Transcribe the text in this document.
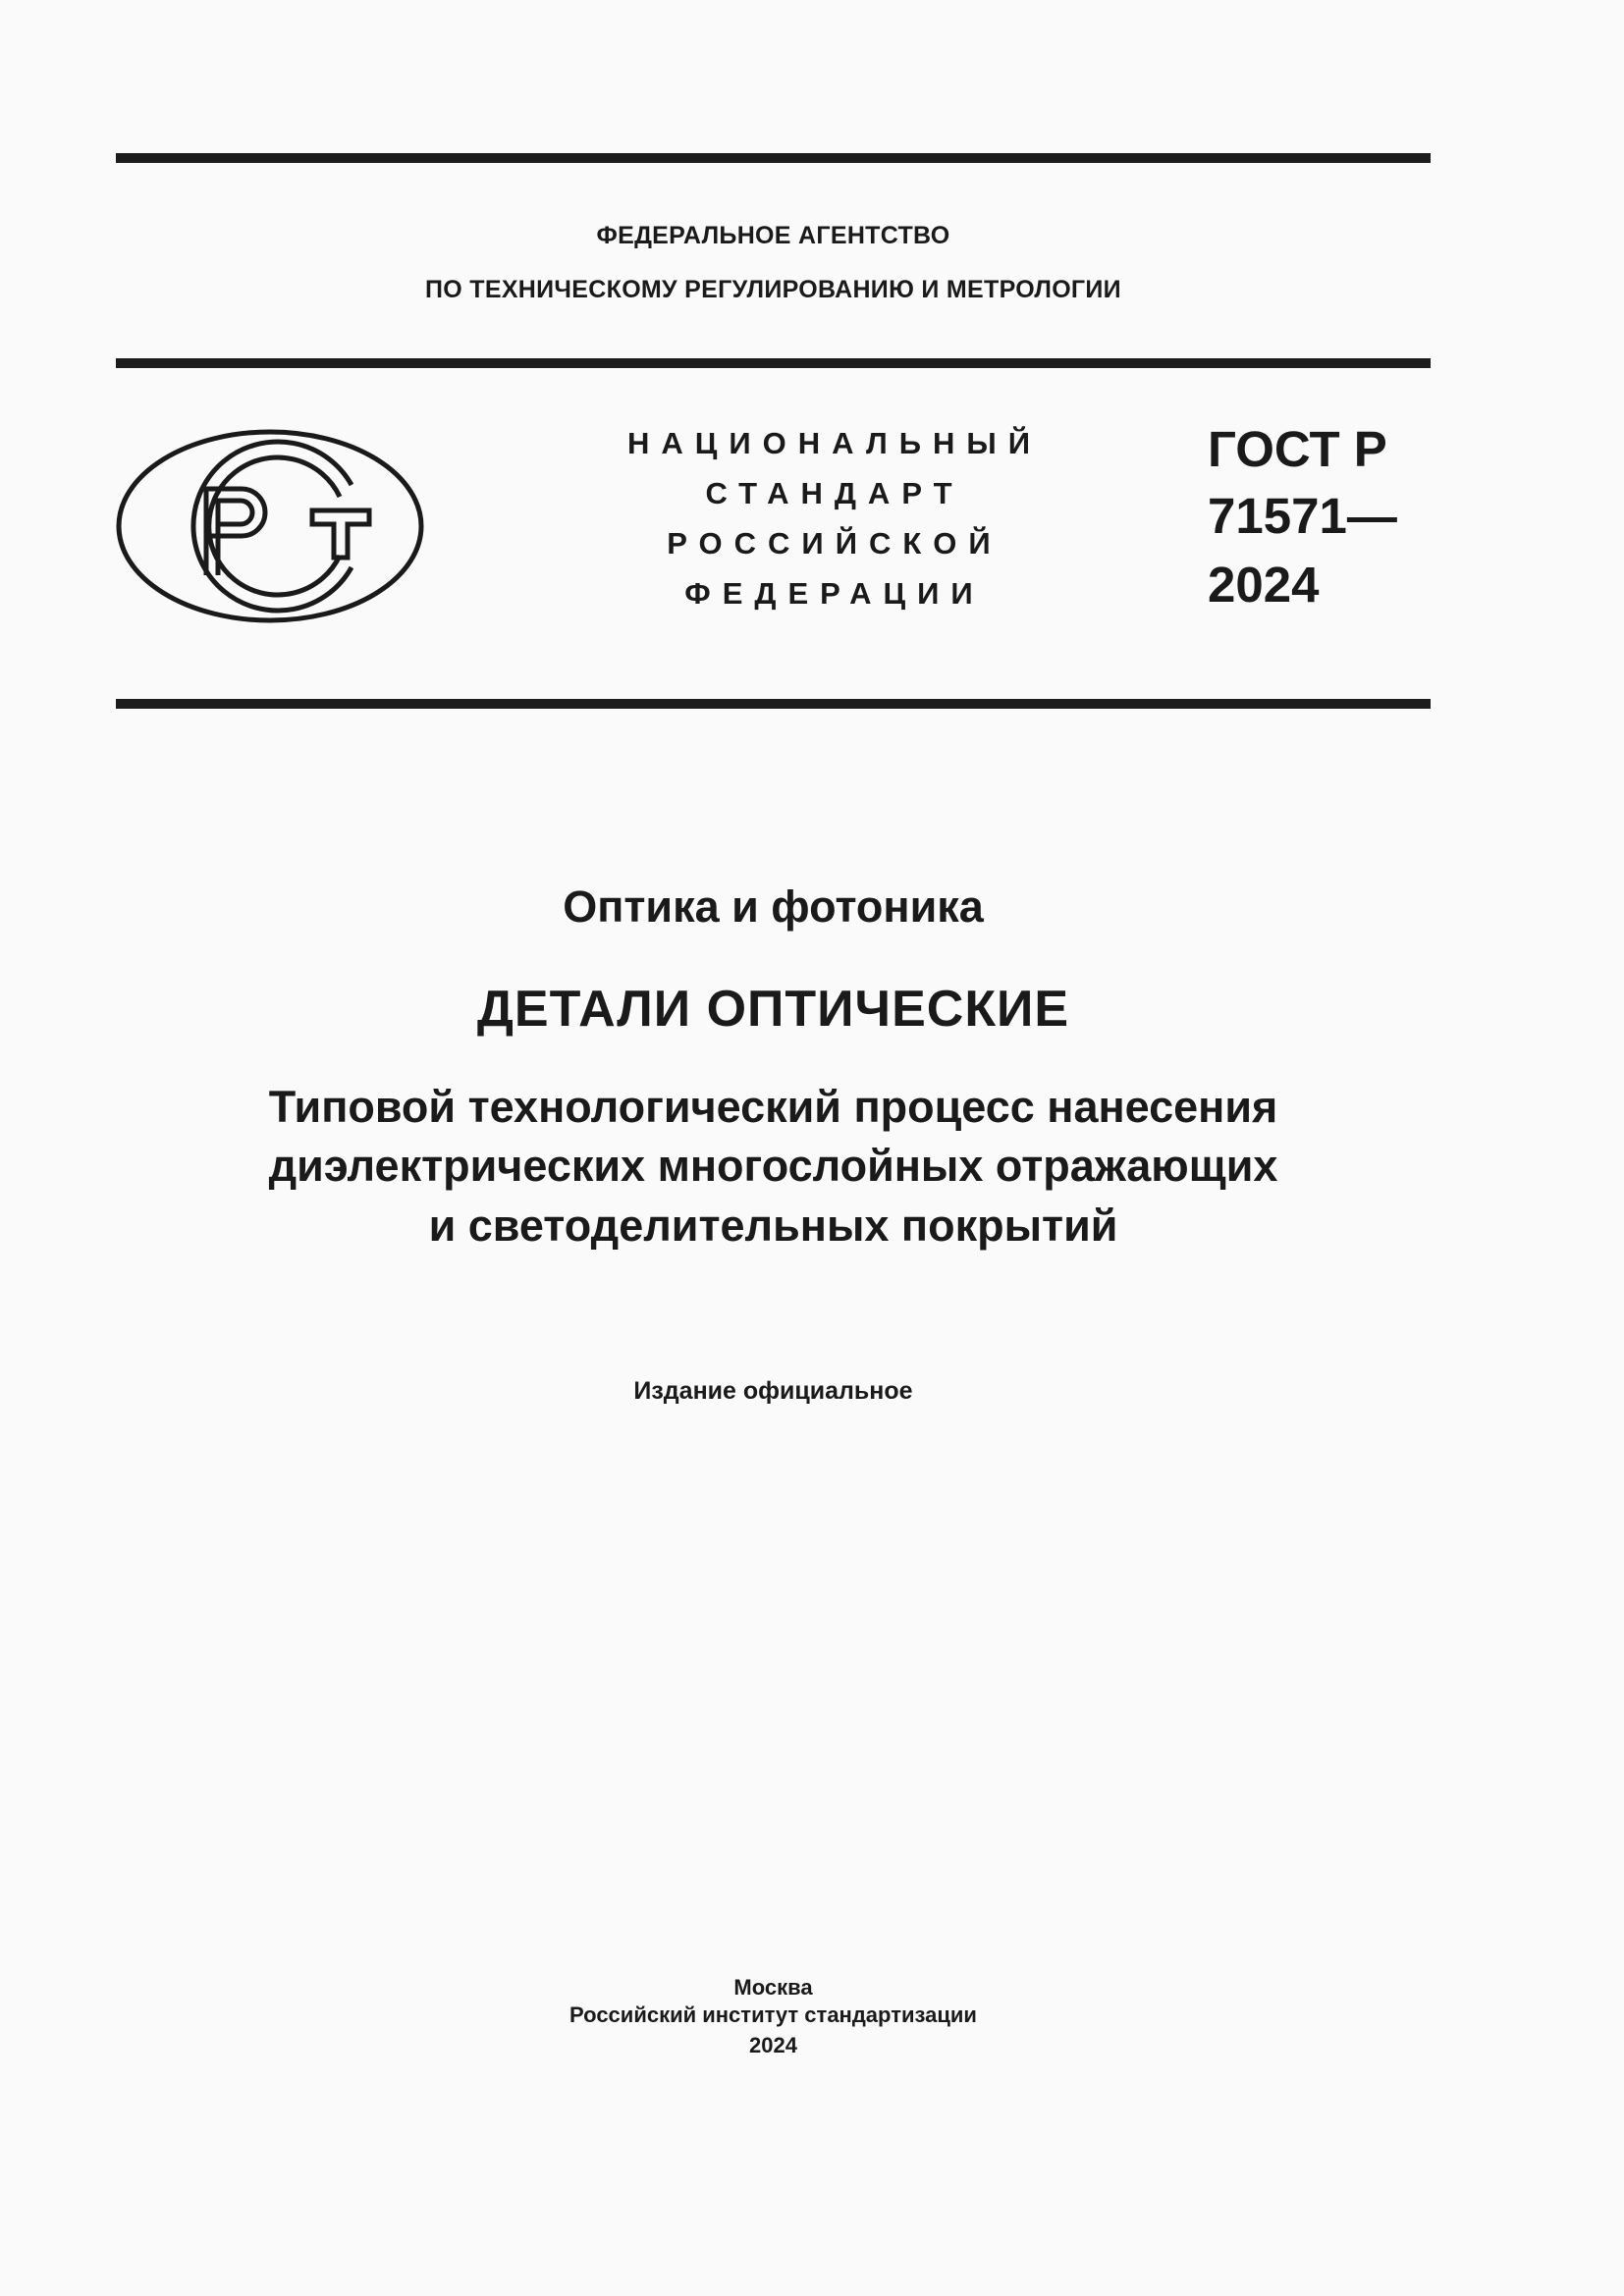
ФЕДЕРАЛЬНОЕ АГЕНТСТВО
ПО ТЕХНИЧЕСКОМУ РЕГУЛИРОВАНИЮ И МЕТРОЛОГИИ
НАЦИОНАЛЬНЫЙ
СТАНДАРТ
РОССИЙСКОЙ
ФЕДЕРАЦИИ
ГОСТ Р
71571—
2024
Оптика и фотоника
ДЕТАЛИ ОПТИЧЕСКИЕ
Типовой технологический процесс нанесения
диэлектрических многослойных отражающих
и светоделительных покрытий
Издание официальное
Москва
Российский институт стандартизации
2024
